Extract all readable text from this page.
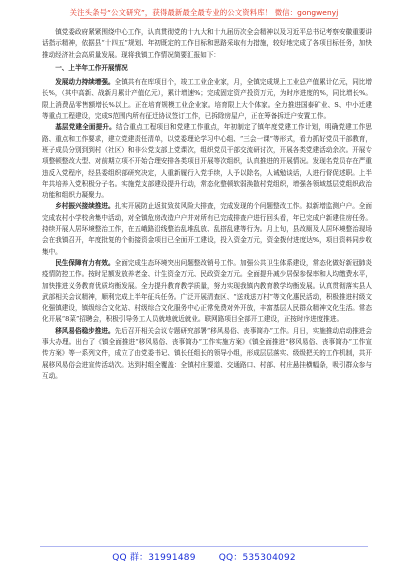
关注头条号“公文研究”，获得最新最全最专业的公文资料库！ 微信：gongwenyj

镇党委政府紧紧围绕中心工作，认真贯彻党的十九大和十九届历次全会精神以及习近平总书记考察安徽重要讲话指示精神，依据县“十四五”规划、年初既定的工作目标和思路采取有力措施，较好地完成了各项目标任务，加快推动经济社会高质量发展。现将我镇工作情况简要汇报如下：

一、上半年工作开展情况

发展动力持续增强。全镇共有在库项目个，竣工工业企业家，月，全镇完成规上工业总产值累计亿元，同比增长%，（其中高新、战新月累计产值亿元），累计增速%；完成固定资产投资万元，为时序进度的%，同比增长%。限上消费品零售额增长%以上。正在培育规模工业企业家。培育限上大个体家。全力推进国泰矿业、S、中小迁建等重点工程建设，完成S范围内所有征迁协议签订工作，已拆除房屋户，正在筹备拆迁户安置工作。

基层党建全面提升。结合重点工程项目和党建工作重点，年初制定了镇年度党建工作计划，明确党建工作思路、重点和工作要求，建立党建责任清单，以党委理论学习中心组、“三会一课”等形式，看力抓好党员干部教育，班子成员分别到到村（社区）和非公党支部上党课次，组织党员干部交流研讨次，开展各类党建活动余次。开展专项整顿整改大型、对前期立项不开始合理安排各类项目开展等次组织，认真推进的开展情况。发现名党员存在严重违反入党程序，经县委组织部研究决定，人重新履行入党手续，人予以除名，人诫勉谈话，人进行督促述职。上半年共培养入党积极分子名。实施党支部建设提升行动，常态化整顿软弱涣散村党组织，增强各领域基层党组织政治功能和组织力凝聚力。

乡村振兴接续推进。扎实开展防止返贫致贫风险大排查，完成发现的个问题整改工作。拟新增监测户户。全面完成农村小学校舍集中活动，对全镇危房改造户户并对所有已完成排查户进行回头看，年已完成户新建住房任务。持续开展人居环境整治工作，在五峨路沿线整治乱堆乱放、乱搭乱建等行为。月上旬，县改厕及人居环境整治现场会在我镇召开，年度批复的个衔接资金项目已全面开工建设，投入资金万元，资金拨付进度达%，项目资料同步收集中。

民生保障有力有效。全面完成生态环境突出问题整改销号工作。加强公共卫生体系建设，常态化做好新冠肺炎疫情防控工作。按时足额发放养老金、计生资金万元、民政资金万元。全面提升减少居保参保率和人均缴费水平，加快推进义务教育优质均衡发展。全力提升教育教学质量，努力实现我镇内教育教学均衡发展。认真贯彻落实县人武部相关会议精神，顺利完成上半年征兵任务。广泛开展清查区、“送戏送万村”等文化惠民活动，积极推进村级文化强镇建设，镇级综合文化站、村级综合文化服务中心正常免费对外开放，丰富基层人民群众精神文化生活。常态化开展“8菜”招聘会，积极引导务工人员就地就近就业。联网路项目全部开工建设，正按时序进度推进。

移风易俗稳步推进。先后召开相关会议专题研究部署“移风易俗、丧事简办”工作。月日，实施推动启动推进会事大办理。出台了《镇全面推进“移风易俗、丧事简办”工作实施方案》《镇全面推进“移风易俗、丧事简办”工作宣传方案》等一系列文件，成立了由党委书记、镇长任组长的领导小组，形成层层落实、级级把关的工作机制，共开展移风易俗会进宣传活动次。达到村组全覆盖：全镇村庄要道、交通路口、村部、村庄悬挂横幅条，吸引群众参与互动。

QQ 群：31991489	QQ：535304092
